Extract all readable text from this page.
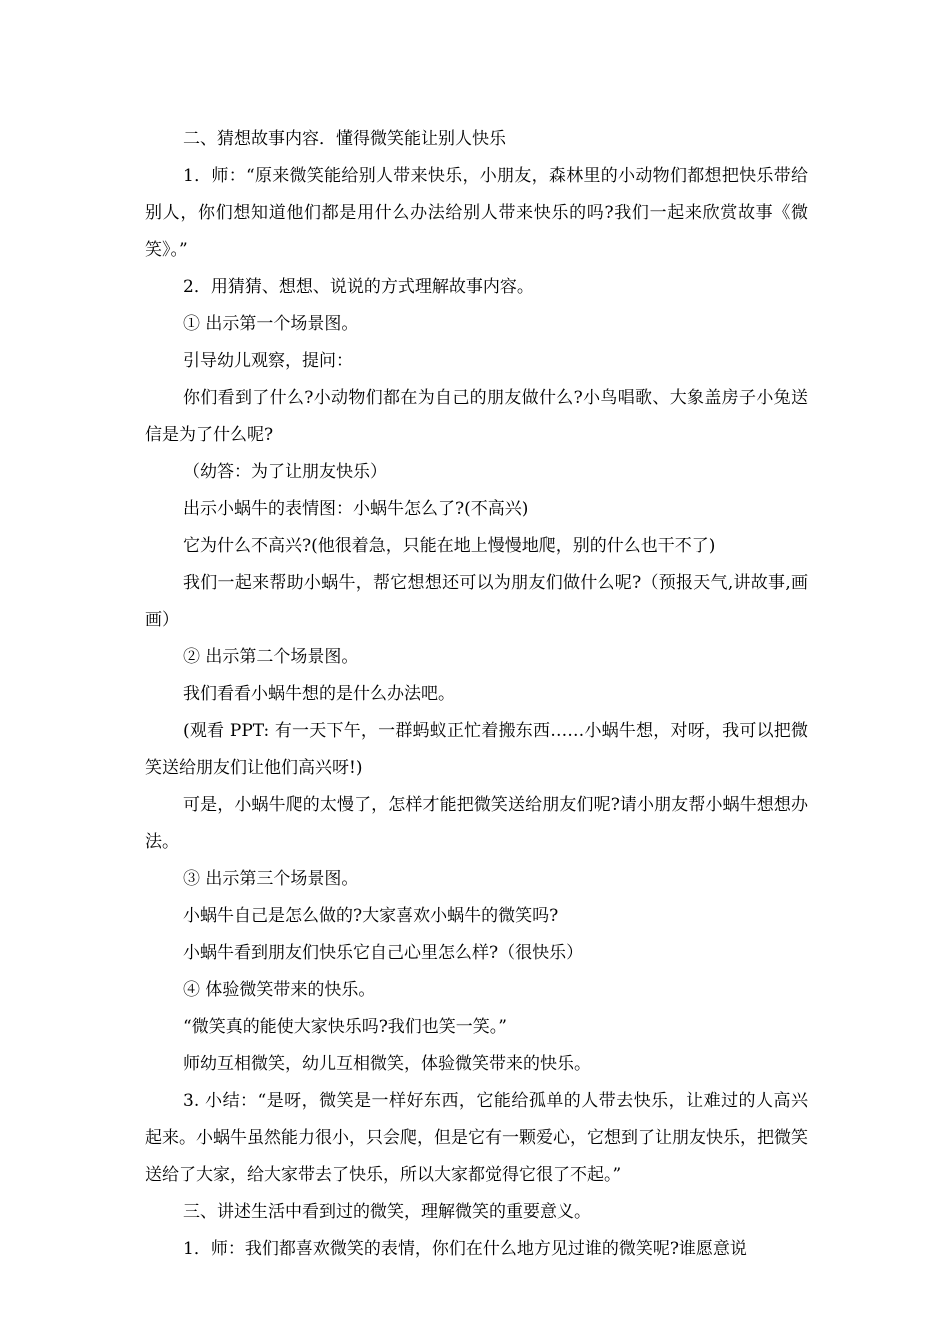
二、猜想故事内容．懂得微笑能让别人快乐

1．师：“原来微笑能给别人带来快乐，小朋友，森林里的小动物们都想把快乐带给别人，你们想知道他们都是用什么办法给别人带来快乐的吗?我们一起来欣赏故事《微笑》。”

2．用猜猜、想想、说说的方式理解故事内容。

① 出示第一个场景图。

引导幼儿观察，提问：

你们看到了什么?小动物们都在为自己的朋友做什么?小鸟唱歌、大象盖房子小兔送信是为了什么呢?

（幼答：为了让朋友快乐）

出示小蜗牛的表情图：小蜗牛怎么了?(不高兴)

它为什么不高兴?(他很着急，只能在地上慢慢地爬，别的什么也干不了)

我们一起来帮助小蜗牛，帮它想想还可以为朋友们做什么呢?（预报天气,讲故事,画画）

② 出示第二个场景图。

我们看看小蜗牛想的是什么办法吧。

(观看 PPT: 有一天下午，一群蚂蚁正忙着搬东西……小蜗牛想，对呀，我可以把微笑送给朋友们让他们高兴呀!)

可是，小蜗牛爬的太慢了，怎样才能把微笑送给朋友们呢?请小朋友帮小蜗牛想想办法。

③ 出示第三个场景图。

小蜗牛自己是怎么做的?大家喜欢小蜗牛的微笑吗?

小蜗牛看到朋友们快乐它自己心里怎么样?（很快乐）

④ 体验微笑带来的快乐。

“微笑真的能使大家快乐吗?我们也笑一笑。”

师幼互相微笑，幼儿互相微笑，体验微笑带来的快乐。

3. 小结：“是呀，微笑是一样好东西，它能给孤单的人带去快乐，让难过的人高兴起来。小蜗牛虽然能力很小，只会爬，但是它有一颗爱心，它想到了让朋友快乐，把微笑送给了大家，给大家带去了快乐，所以大家都觉得它很了不起。”

三、讲述生活中看到过的微笑，理解微笑的重要意义。

1．师：我们都喜欢微笑的表情，你们在什么地方见过谁的微笑呢?谁愿意说
